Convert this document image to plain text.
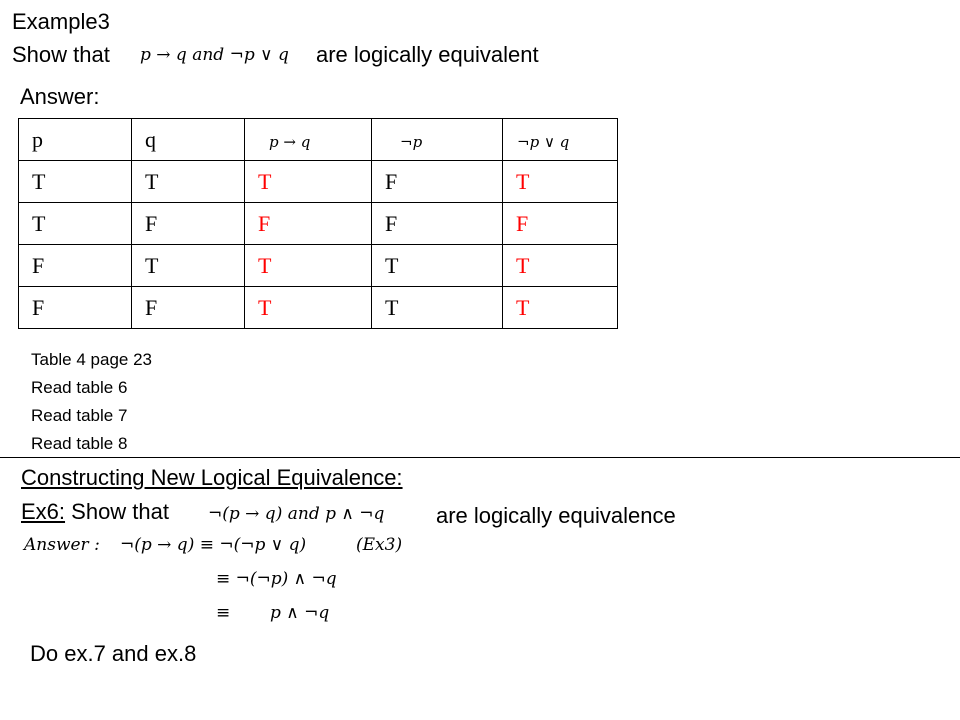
Example3
Show that p → q and ¬p ∨ q are logically equivalent
Answer:
p	q	p → q	¬p	¬p ∨ q
T	T	T	F	T
T	F	F	F	F
F	T	T	T	T
F	F	T	T	T
Table 4 page 23
Read table 6
Read table 7
Read table 8
Constructing New Logical Equivalence:
Ex6: Show that ¬(p → q) and p ∧ ¬q are logically equivalence
Answer : ¬(p → q) ≡ ¬(¬p ∨ q)	(Ex3)
≡ ¬(¬p) ∧ ¬q
≡ p ∧ ¬q
Do ex.7 and ex.8
